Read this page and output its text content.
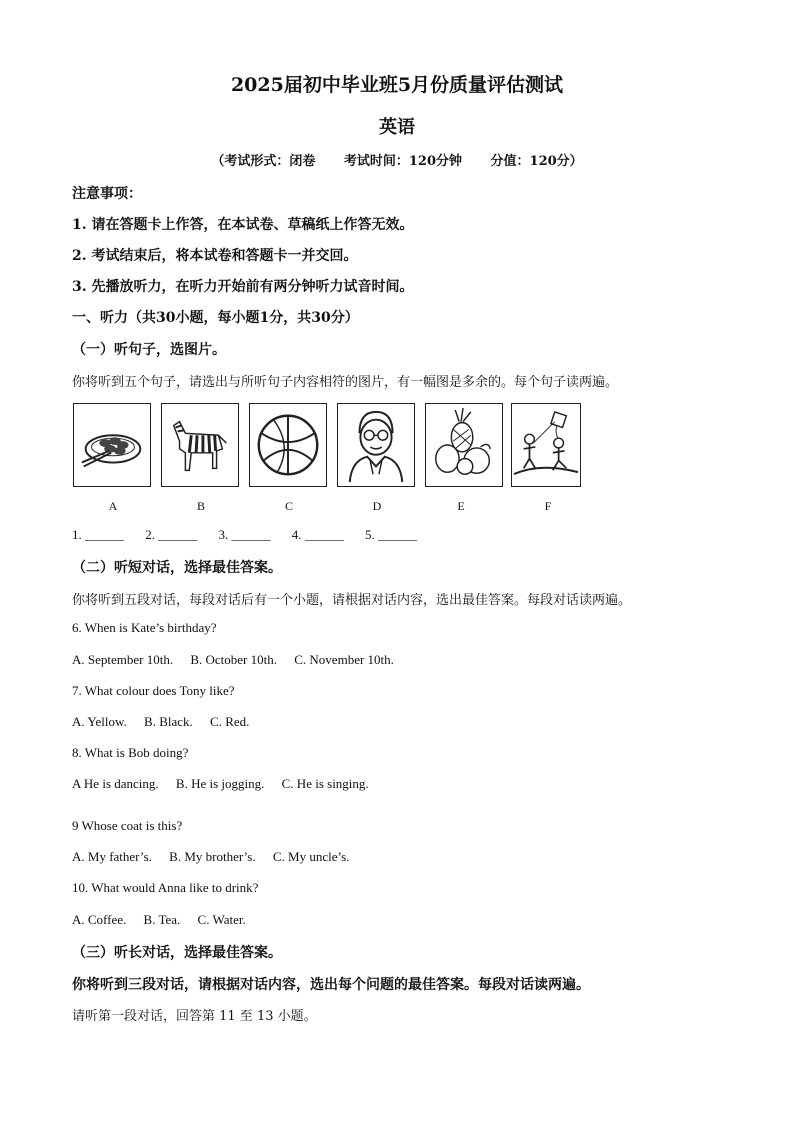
2025届初中毕业班5月份质量评估测试
英语
（考试形式：闭卷 考试时间：120分钟 分值：120分）
注意事项：
1. 请在答题卡上作答，在本试卷、草稿纸上作答无效。
2. 考试结束后，将本试卷和答题卡一并交回。
3. 先播放听力，在听力开始前有两分钟听力试音时间。
一、听力（共30小题，每小题1分，共30分）
（一）听句子，选图片。
你将听到五个句子，请选出与所听句子内容相符的图片，有一幅图是多余的。每个句子读两遍。
A	B	C	D	E	F
1. ______ 2. ______ 3. ______ 4. ______ 5. ______
（二）听短对话，选择最佳答案。
你将听到五段对话，每段对话后有一个小题，请根据对话内容，选出最佳答案。每段对话读两遍。
6. When is Kate’s birthday?
A. September 10th. B. October 10th. C. November 10th.
7. What colour does Tony like?
A. Yellow. B. Black. C. Red.
8. What is Bob doing?
A He is dancing. B. He is jogging. C. He is singing.
9 Whose coat is this?
A. My father’s. B. My brother’s. C. My uncle’s.
10. What would Anna like to drink?
A. Coffee. B. Tea. C. Water.
（三）听长对话，选择最佳答案。
你将听到三段对话，请根据对话内容，选出每个问题的最佳答案。每段对话读两遍。
请听第一段对话，回答第 11 至 13 小题。
